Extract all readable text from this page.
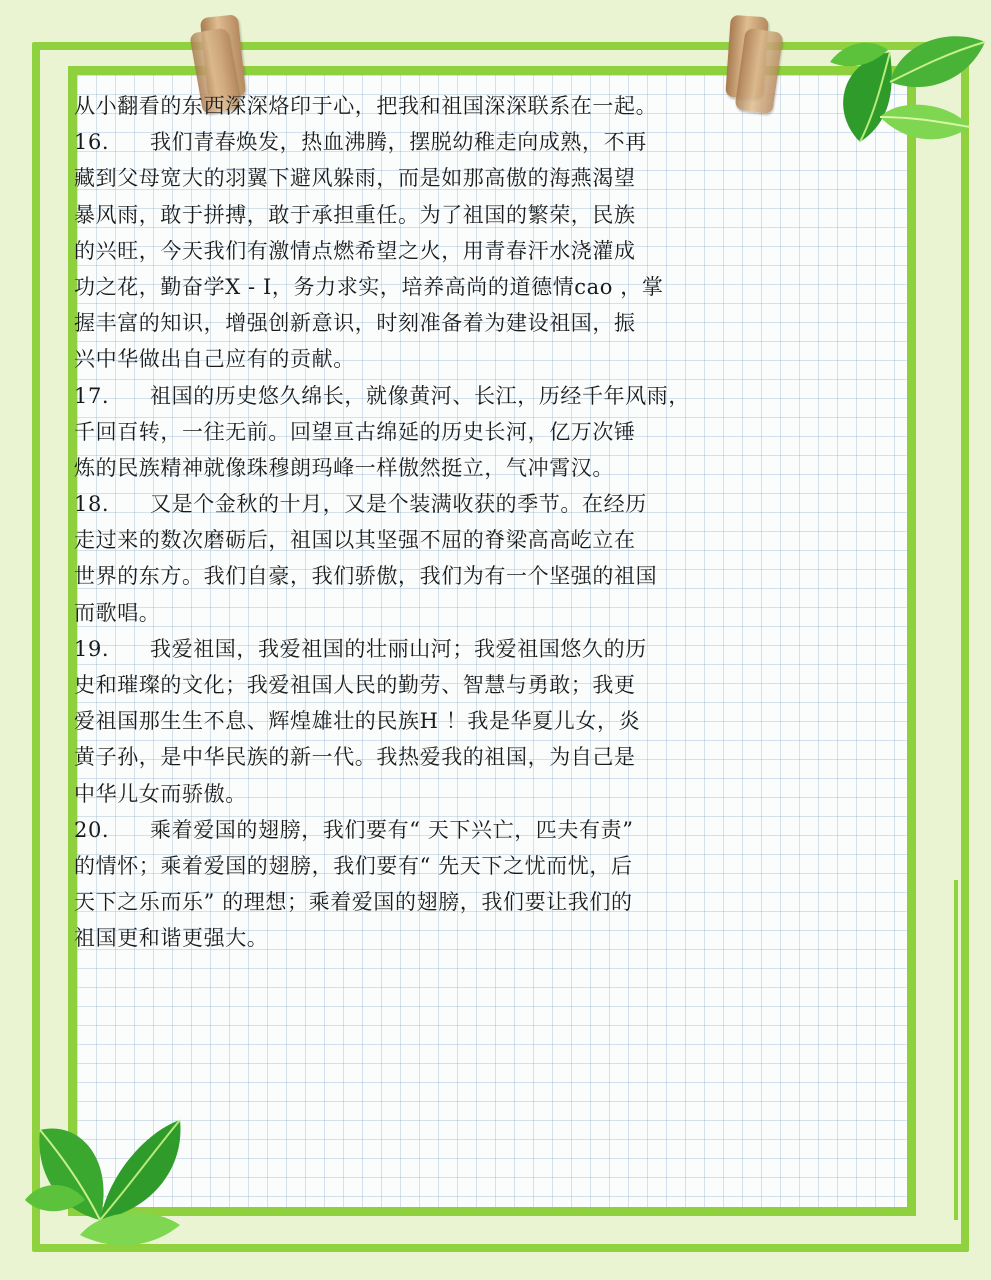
从小翻看的东西深深烙印于心，把我和祖国深深联系在一起。
16. 我们青春焕发，热血沸腾，摆脱幼稚走向成熟，不再
藏到父母宽大的羽翼下避风躲雨，而是如那高傲的海燕渴望
暴风雨，敢于拼搏，敢于承担重任。为了祖国的繁荣，民族
的兴旺，今天我们有激情点燃希望之火，用青春汗水浇灌成
功之花，勤奋学X - I，务力求实，培养高尚的道德情cao ，掌
握丰富的知识，增强创新意识，时刻准备着为建设祖国，振
兴中华做出自己应有的贡献。
17. 祖国的历史悠久绵长，就像黄河、长江，历经千年风雨，
千回百转，一往无前。回望亘古绵延的历史长河，亿万次锤
炼的民族精神就像珠穆朗玛峰一样傲然挺立，气冲霄汉。
18. 又是个金秋的十月，又是个装满收获的季节。在经历
走过来的数次磨砺后，祖国以其坚强不屈的脊梁高高屹立在
世界的东方。我们自豪，我们骄傲，我们为有一个坚强的祖国
而歌唱。
19. 我爱祖国，我爱祖国的壮丽山河；我爱祖国悠久的历
史和璀璨的文化；我爱祖国人民的勤劳、智慧与勇敢；我更
爱祖国那生生不息、辉煌雄壮的民族H ！我是华夏儿女，炎
黄子孙，是中华民族的新一代。我热爱我的祖国，为自己是
中华儿女而骄傲。
20. 乘着爱国的翅膀，我们要有“ 天下兴亡，匹夫有责”
的情怀；乘着爱国的翅膀，我们要有“ 先天下之忧而忧，后
天下之乐而乐” 的理想；乘着爱国的翅膀，我们要让我们的
祖国更和谐更强大。
